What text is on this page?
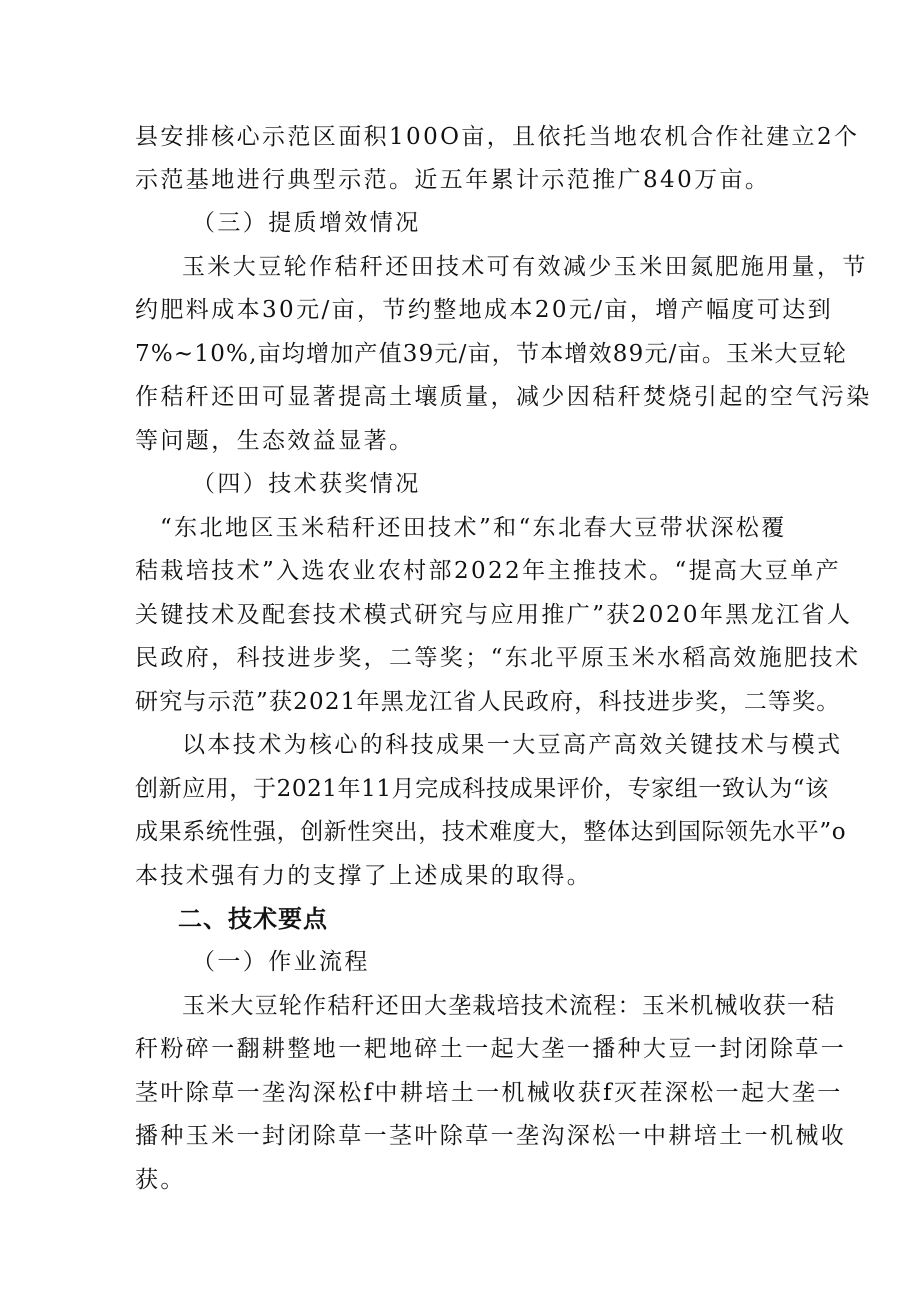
县安排核心示范区面积100O亩，且依托当地农机合作社建立2个
示范基地进行典型示范。近五年累计示范推广840万亩。
（三）提质增效情况
玉米大豆轮作秸秆还田技术可有效减少玉米田氮肥施用量，节
约肥料成本30元/亩，节约整地成本20元/亩，增产幅度可达到
7%~10%,亩均增加产值39元/亩，节本增效89元/亩。玉米大豆轮
作秸秆还田可显著提高土壤质量，减少因秸秆焚烧引起的空气污染
等问题，生态效益显著。
（四）技术获奖情况
“东北地区玉米秸秆还田技术”和“东北春大豆带状深松覆
秸栽培技术”入选农业农村部2022年主推技术。“提高大豆单产
关键技术及配套技术模式研究与应用推广”获2020年黑龙江省人
民政府，科技进步奖，二等奖；“东北平原玉米水稻高效施肥技术
研究与示范”获2021年黑龙江省人民政府，科技进步奖，二等奖。
以本技术为核心的科技成果一大豆高产高效关键技术与模式
创新应用，于2021年11月完成科技成果评价，专家组一致认为“该
成果系统性强，创新性突出，技术难度大，整体达到国际领先水平”o
本技术强有力的支撑了上述成果的取得。
二、技术要点
（一）作业流程
玉米大豆轮作秸秆还田大垄栽培技术流程：玉米机械收获一秸
秆粉碎一翻耕整地一耙地碎土一起大垄一播种大豆一封闭除草一
茎叶除草一垄沟深松f中耕培土一机械收获f灭茬深松一起大垄一
播种玉米一封闭除草一茎叶除草一垄沟深松一中耕培土一机械收
获。
